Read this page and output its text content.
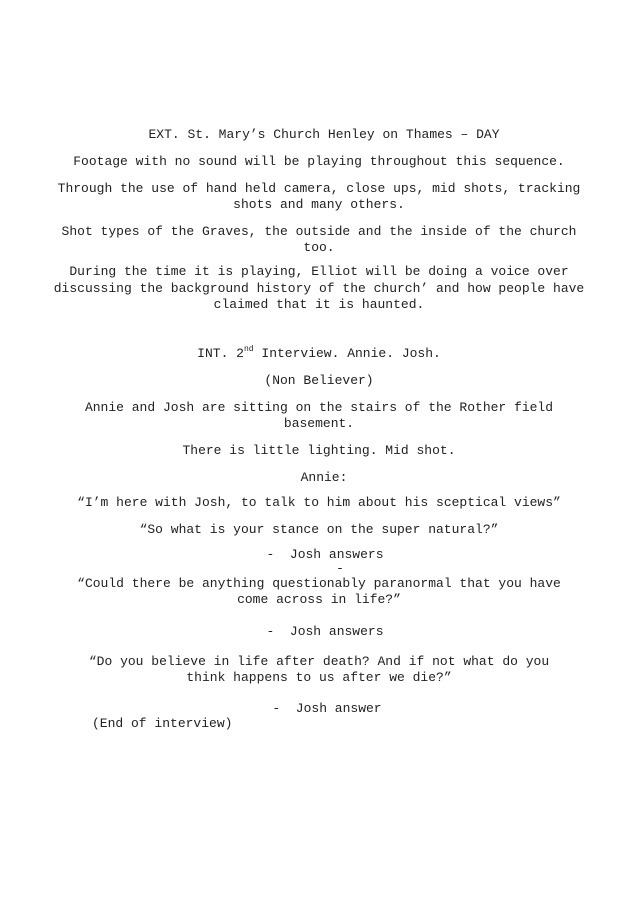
EXT. St. Mary’s Church Henley on Thames – DAY

Footage with no sound will be playing throughout this sequence.

Through the use of hand held camera, close ups, mid shots, tracking

shots and many others.

Shot types of the Graves, the outside and the inside of the church

too.

During the time it is playing, Elliot will be doing a voice over

discussing the background history of the church’ and how people have

claimed that it is haunted.

INT. 2nd Interview. Annie. Josh.

(Non Believer)

Annie and Josh are sitting on the stairs of the Rother field

basement.

There is little lighting. Mid shot.

Annie:

“I’m here with Josh, to talk to him about his sceptical views”

“So what is your stance on the super natural?”

-  Josh answers

-

“Could there be anything questionably paranormal that you have

come across in life?”

-  Josh answers

“Do you believe in life after death? And if not what do you

think happens to us after we die?”

-  Josh answer

(End of interview)
